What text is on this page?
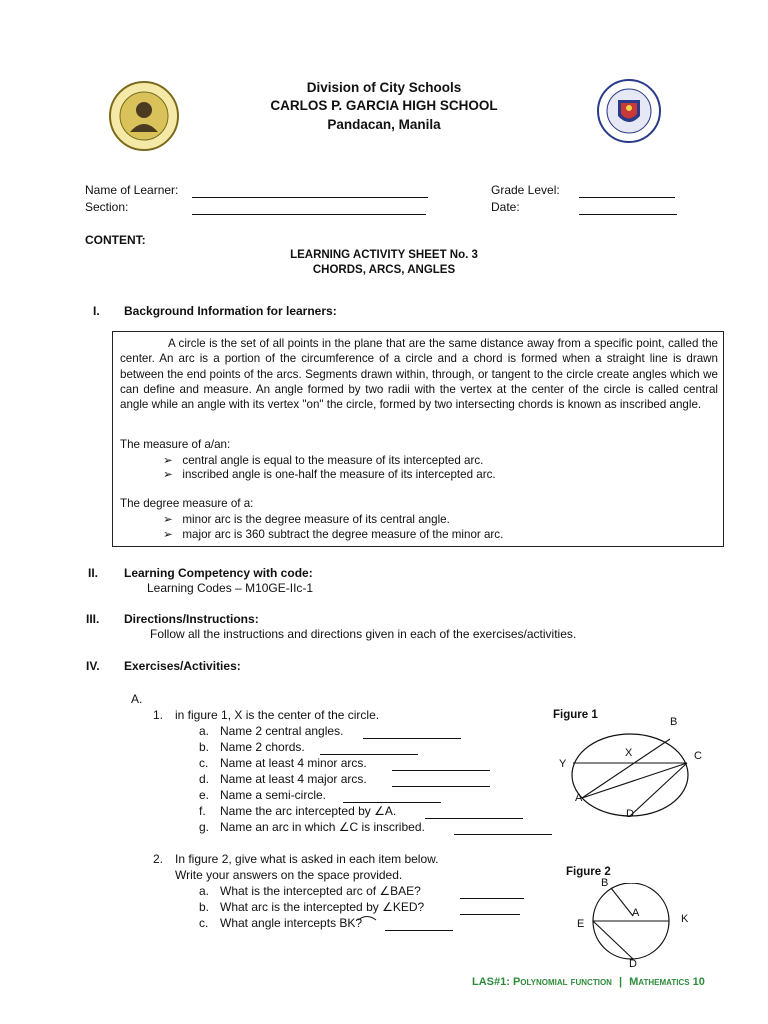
Division of City Schools
CARLOS P. GARCIA HIGH SCHOOL
Pandacan, Manila
Name of Learner:
Section:
Grade Level:
Date:
CONTENT:
LEARNING ACTIVITY SHEET No. 3
CHORDS, ARCS, ANGLES
I. Background Information for learners:
A circle is the set of all points in the plane that are the same distance away from a specific point, called the center. An arc is a portion of the circumference of a circle and a chord is formed when a straight line is drawn between the end points of the arcs. Segments drawn within, through, or tangent to the circle create angles which we can define and measure. An angle formed by two radii with the vertex at the center of the circle is called central angle while an angle with its vertex "on" the circle, formed by two intersecting chords is known as inscribed angle.
The measure of a/an:
➢ central angle is equal to the measure of its intercepted arc.
➢ inscribed angle is one-half the measure of its intercepted arc.
The degree measure of a:
➢ minor arc is the degree measure of its central angle.
➢ major arc is 360 subtract the degree measure of the minor arc.
II. Learning Competency with code:
Learning Codes – M10GE-IIc-1
III. Directions/Instructions:
Follow all the instructions and directions given in each of the exercises/activities.
IV. Exercises/Activities:
A.
1. in figure 1, X is the center of the circle.
a. Name 2 central angles.
b. Name 2 chords.
c. Name at least 4 minor arcs.
d. Name at least 4 major arcs.
e. Name a semi-circle.
f. Name the arc intercepted by ∠A.
g. Name an arc in which ∠C is inscribed.
2. In figure 2, give what is asked in each item below.
Write your answers on the space provided.
a. What is the intercepted arc of ∠BAE?
b. What arc is the intercepted by ∠KED?
c. What angle intercepts BK?
Figure 1
B
C
X
Y
A
D
Figure 2
B
A
E	K
D
LAS#1: Polynomial function | Mathematics 10
